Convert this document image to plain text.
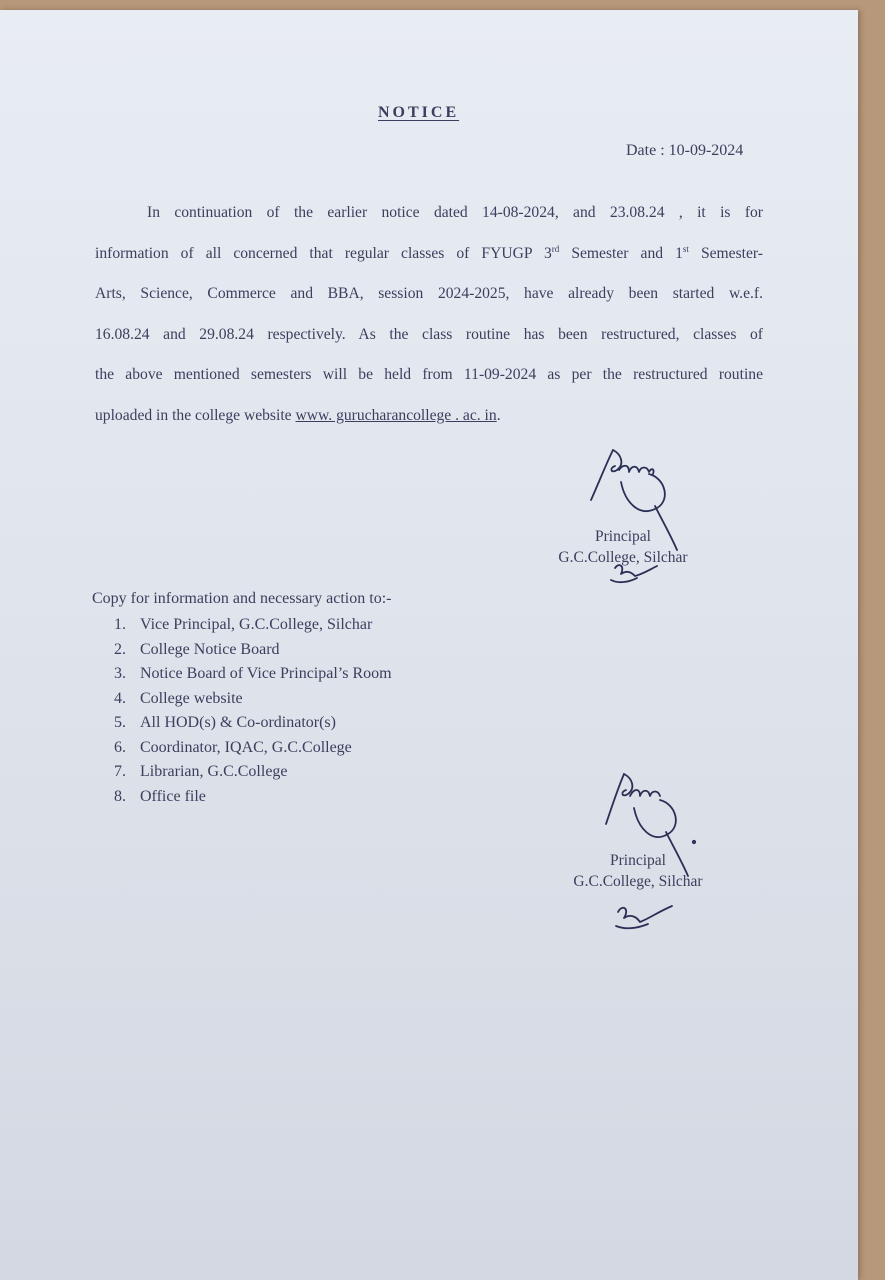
NOTICE
Date : 10-09-2024
In continuation of the earlier notice dated 14-08-2024, and 23.08.24 , it is for
information of all concerned that regular classes of FYUGP 3rd Semester and 1st Semester-
Arts, Science, Commerce and BBA, session 2024-2025, have already been started w.e.f.
16.08.24 and 29.08.24 respectively. As the class routine has been restructured, classes of
the above mentioned semesters will be held from 11-09-2024 as per the restructured routine
uploaded in the college website www. gurucharancollege . ac. in.
Principal
G.C.College, Silchar
Copy for information and necessary action to:-
1. Vice Principal, G.C.College, Silchar
2. College Notice Board
3. Notice Board of Vice Principal’s Room
4. College website
5. All HOD(s) & Co-ordinator(s)
6. Coordinator, IQAC, G.C.College
7. Librarian, G.C.College
8. Office file
Principal
G.C.College, Silchar
